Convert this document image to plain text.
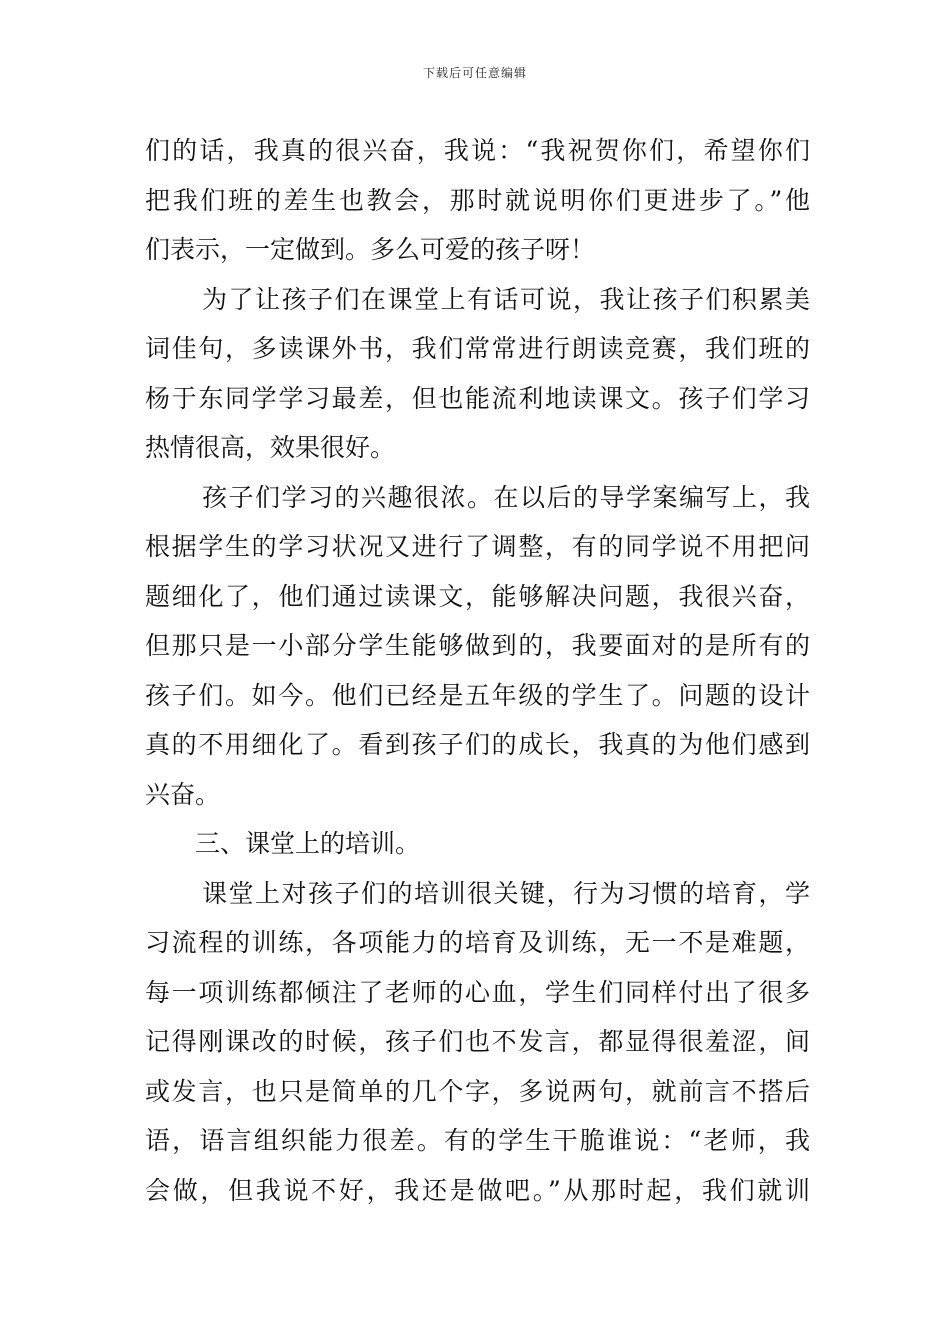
下载后可任意编辑
们的话，我真的很兴奋，我说：“我祝贺你们，希望你们
把我们班的差生也教会，那时就说明你们更进步了。”他
们表示，一定做到。多么可爱的孩子呀！
为了让孩子们在课堂上有话可说，我让孩子们积累美
词佳句，多读课外书，我们常常进行朗读竞赛，我们班的
杨于东同学学习最差，但也能流利地读课文。孩子们学习
热情很高，效果很好。
孩子们学习的兴趣很浓。在以后的导学案编写上，我
根据学生的学习状况又进行了调整，有的同学说不用把问
题细化了，他们通过读课文，能够解决问题，我很兴奋，
但那只是一小部分学生能够做到的，我要面对的是所有的
孩子们。如今。他们已经是五年级的学生了。问题的设计
真的不用细化了。看到孩子们的成长，我真的为他们感到
兴奋。
三、课堂上的培训。
课堂上对孩子们的培训很关键，行为习惯的培育，学
习流程的训练，各项能力的培育及训练，无一不是难题，
每一项训练都倾注了老师的心血，学生们同样付出了很多
记得刚课改的时候，孩子们也不发言，都显得很羞涩，间
或发言，也只是简单的几个字，多说两句，就前言不搭后
语，语言组织能力很差。有的学生干脆谁说：“老师，我
会做，但我说不好，我还是做吧。”从那时起，我们就训
